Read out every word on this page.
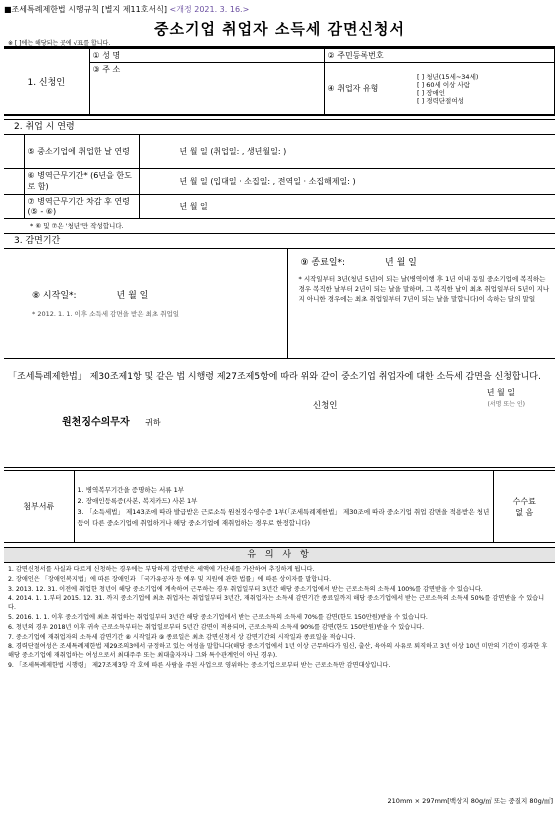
■조세특례제한법 시행규칙 [별지 제11호서식] <개정 2021. 3. 16.>
중소기업 취업자 소득세 감면신청서
※ [ ]에는 해당되는 곳에 √표를 합니다.
1. 신청인	① 성 명	② 주민등록번호	
	③ 주 소	④ 취업자 유형	[ ] 청년(15세∼34세)
[ ] 60세 이상 사람
[ ] 장애인
[ ] 경력단절여성
2. 취업 시 연령
	⑤ 중소기업에 취업한 날 연령	년 월 일 (취업일: , 생년월일: )
	⑥ 병역근무기간* (6년을 한도로 함)	년 월 일 (입대일 · 소집일: , 전역일 · 소집해제일: )
	⑦ 병역근무기간 차감 후 연령(⑤ - ⑥)	년 월 일
* ⑥ 및 ⑦은 '청년'만 작성합니다.
3. 감면기간
⑧ 시작일*:	년 월 일
* 2012. 1. 1. 이후 소득세 감면을 받은 최초 취업일

⑨ 종료일*:	년 월 일
* 시작일부터 3년(청년 5년)이 되는 날(병역이행 후 1년 이내 동일 중소기업에 복직하는 경우 복직한 날부터 2년이 되는 날을 말하며, 그 복직한 날이 최초 취업일부터 5년이 지나지 아니한 경우에는 최초 취업일부터 7년이 되는 날을 말합니다)이 속하는 달의 말일
「조세특례제한법」 제30조제1항 및 같은 법 시행령 제27조제5항에 따라 위와 같이 중소기업 취업자에 대한 소득세 감면을 신청합니다.
년 월 일
신청인	(서명 또는 인)
원천징수의무자 귀하
첨부서류	
1. 병역복무기간을 증명하는 서류 1부
2. 장애인등록증(사본, 복지카드) 사본 1부
3. 「소득세법」 제143조에 따라 발급받은 근로소득 원천징수영수증 1부(「조세특례제한법」 제30조에 따라 중소기업 취업 감면을 적용받은 청년 등이 다른 중소기업에 취업하거나 해당 중소기업에 재취업하는 경우로 한정합니다)

수수료
없 음
유 의 사 항
1. 감면신청서를 사실과 다르게 신청하는 경우에는 부당하게 감면받은 세액에 가산세를 가산하여 추징하게 됩니다.
2. 장애인은 「장애인복지법」에 따른 장애인과 「국가유공자 등 예우 및 지원에 관한 법률」에 따른 상이자를 말합니다.
3. 2013. 12. 31. 이전에 취업한 청년이 해당 중소기업에 계속하여 근무하는 경우 취업일부터 3년간 해당 중소기업에서 받는 근로소득의 소득세 100%를 감면받을 수 있습니다.
4. 2014. 1. 1.부터 2015. 12. 31. 까지 중소기업에 최초 취업자는 취업일부터 3년간, 재취업자는 소득세 감면기간 종료일까지 해당 중소기업에서 받는 근로소득의 소득세 50%를 감면받을 수 있습니다.
5. 2016. 1. 1. 이후 중소기업에 최초 취업하는 취업일부터 3년간 해당 중소기업에서 받는 근로소득의 소득세 70%를 감면(한도 150만원)받을 수 있습니다.
6. 청년의 경우 2018년 이후 귀속 근로소득부터는 취업일로부터 5년간 감면이 적용되며, 근로소득의 소득세 90%를 감면(한도 150만원)받을 수 있습니다.
7. 중소기업에 재취업자의 소득세 감면기간 ⑧ 시작일과 ⑨ 종료일은 최초 감면신청서 상 감면기간의 시작일과 종료일을 적습니다.
8. 경력단절여성은 조세특례제한법 제29조의3에서 규정하고 있는 여성을 말합니다(해당 중소기업에서 1년 이상 근무하다가 임신, 출산, 육아의 사유로 퇴직하고 3년 이상 10년 미만의 기간이 경과한 후 해당 중소기업에 재취업하는 여성으로서 최대주주 또는 최대출자자나 그와 특수관계인이 아닌 경우).
9. 「조세특례제한법 시행령」 제27조제3항 각 호에 따른 사람을 주된 사업으로 영위하는 중소기업으로부터 받는 근로소득만 감면대상입니다.
210mm × 297mm[백상지 80g/㎡ 또는 중질지 80g/㎡]
